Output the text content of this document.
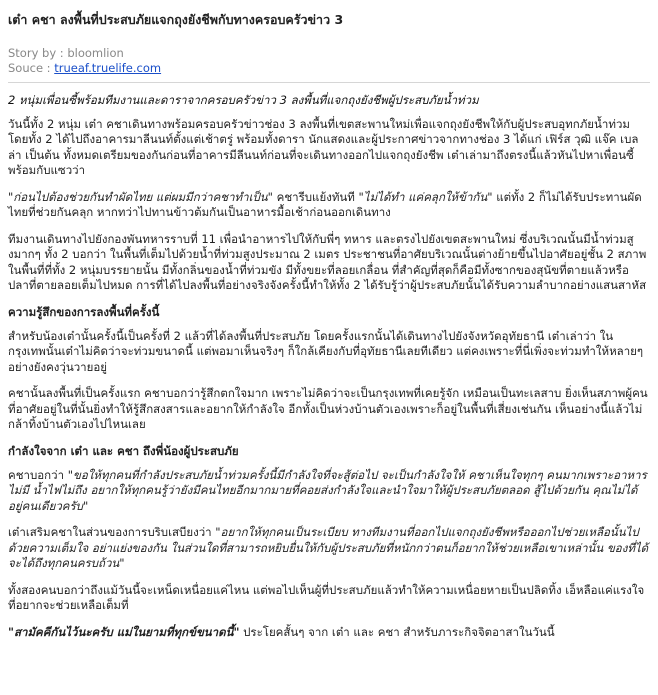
เต๋า คชา ลงพื้นที่ประสบภัยแจกถุงยังชีพกับทางครอบครัวข่าว 3
Story by : bloomlion
Souce : trueaf.truelife.com

2 หนุ่มเพื่อนซี้พร้อมทีมงานและดาราจากครอบครัวข่าว 3 ลงพื้นที่แจกถุงยังชีพผู้ประสบภัยน้ำท่วม

วันนี้ทั้ง 2 หนุ่ม เต๋า คชาเดินทางพร้อมครอบครัวข่าวช่อง 3 ลงพื้นที่เขตสะพานใหม่เพื่อแจกถุงยังชีพให้กับผู้ประสบอุทกภัยน้ำท่วม โดยทั้ง 2 ได้ไปถึงอาคารมาลีนนท์ตั้งแต่เช้าตรู่ พร้อมทั้งดารา นักแสดงและผู้ประกาศข่าวจากทางช่อง 3 ได้แก่ เฟิร์ส วุฒิ แจ๊ค เบลล่า เป็นต้น ทั้งหมดเตรียมของกันก่อนที่อาคารมีลีนนท์ก่อนที่จะเดินทางออกไปแจกถุงยังชีพ เต๋าเล่ามาถึงตรงนี้แล้วหันไปหาเพื่อนซี้พร้อมกับแซวว่า

"ก่อนไปต้องช่วยกันทำผัดไทย แต่ผมมีกว่าคชาทำเป็น" คชารีบแย้งทันที "ไม่ได้ทำ แค่คลุกให้ข้ากัน" แต่ทั้ง 2 ก็ไม่ได้รับประทานผัดไทยที่ช่วยกันคลุก หากทว่าไปทานข้าวต้มกันเป็นอาหารมื้อเช้าก่อนออกเดินทาง

ทีมงานเดินทางไปยังกองพันทหารราบที่ 11 เพื่อนำอาหารไปให้กับพี่ๆ ทหาร และตรงไปยังเขตสะพานใหม่ ซึ่งบริเวณนั้นมีน้ำท่วมสูงมากๆ ทั้ง 2 บอกว่า ในพื้นที่เต็มไปด้วยน้ำที่ท่วมสูงประมาณ 2 เมตร ประชาชนที่อาศัยบริเวณนั้นต่างย้ายขึ้นไปอาศัยอยู่ชั้น 2 สภาพในพื้นที่ที่ทั้ง 2 หนุ่มบรรยายนั้น มีทั้งกลิ่นของน้ำที่ท่วมขัง มีทั้งขยะที่ลอยเกลื่อน ที่สำคัญที่สุดก็คือมีทั้งซากของสุนัขที่ตายแล้วหรือ ปลาที่ตายลอยเต็มไปหมด การที่ได้ไปลงพื้นที่อย่างจริงจังครั้งนี้ทำให้ทั้ง 2 ได้รับรู้ว่าผู้ประสบภัยนั้นได้รับความลำบากอย่างแสนสาหัส

ความรู้สึกของการลงพื้นที่ครั้งนี้

สำหรับน้องเต๋านั้นครั้งนี้เป็นครั้งที่ 2 แล้วที่ได้ลงพื้นที่ประสบภัย โดยครั้งแรกนั้นได้เดินทางไปยังจังหวัดอุทัยธานี เต๋าเล่าว่า ในกรุงเทพนั้นเต๋าไม่คิดว่าจะท่วมขนาดนี้ แต่พอมาเห็นจริงๆ ก็ใกล้เคียงกับที่อุทัยธานีเลยทีเดียว แต่คงเพราะที่นี่เพิ่งจะท่วมทำให้หลายๆ อย่างยังคงวุ่นวายอยู่

คชานั้นลงพื้นที่เป็นครั้งแรก คชาบอกว่ารู้สึกตกใจมาก เพราะไม่คิดว่าจะเป็นกรุงเทพที่เคยรู้จัก เหมือนเป็นทะเลสาบ ยิ่งเห็นสภาพผู้คนที่อาศัยอยู่ในที่นั้นยิ่งทำให้รู้สึกสงสารและอยากให้กำลังใจ อีกทั้งเป็นห่วงบ้านตัวเองเพราะก็อยู่ในพื้นที่เสี่ยงเช่นกัน เห็นอย่างนี้แล้วไม่กล้าทิ้งบ้านตัวเองไปไหนเลย

กำลังใจจาก เต๋า และ คชา ถึงพี่น้องผู้ประสบภัย

คชาบอกว่า "ขอให้ทุกคนที่กำลังประสบภัยน้ำท่วมครั้งนี้มีกำลังใจที่จะสู้ต่อไป จะเป็นกำลังใจให้ คชาเห็นใจทุกๆ คนมากเพราะอาหารไม่มี น้ำไฟไม่ถึง อยากให้ทุกคนรู้ว่ายังมีคนไทยอีกมากมายที่คอยส่งกำลังใจและนำใจมาให้ผู้ประสบภัยตลอด สู้ไปด้วยกัน คุณไม่ได้อยู่คนเดียวครับ"

เต๋าเสริมคชาในส่วนของการบริบเสบียงว่า "อยากให้ทุกคนเป็นระเบียบ ทางทีมงานที่ออกไปแจกถุงยังชีพหรือออกไปช่วยเหลือนั้นไปด้วยความเต็มใจ อย่าแย่งของกัน ในส่วนใดที่สามารถหยิบยื่นให้กับผู้ประสบภัยที่หนักกว่าตนก็อยากให้ช่วยเหลือเขาเหล่านั้น ของที่ได้จะได้ถึงทุกคนครบถ้วน"

ทั้งสองคนบอกว่าถึงแม้วันนี้จะเหน็ดเหนื่อยแค่ไหน แต่พอไปเห็นผู้ที่ประสบภัยแล้วทำให้ความเหนื่อยหายเป็นปลิดทิ้ง เอ็หลือแค่แรงใจที่อยากจะช่วยเหลือเต็มที่

"สามัคคีกันไว้นะครับ แม่ในยามที่ทุกข์ขนาดนี้" ประโยคสั้นๆ จาก เต๋า และ คชา สำหรับภาระกิจจิตอาสาในวันนี้
